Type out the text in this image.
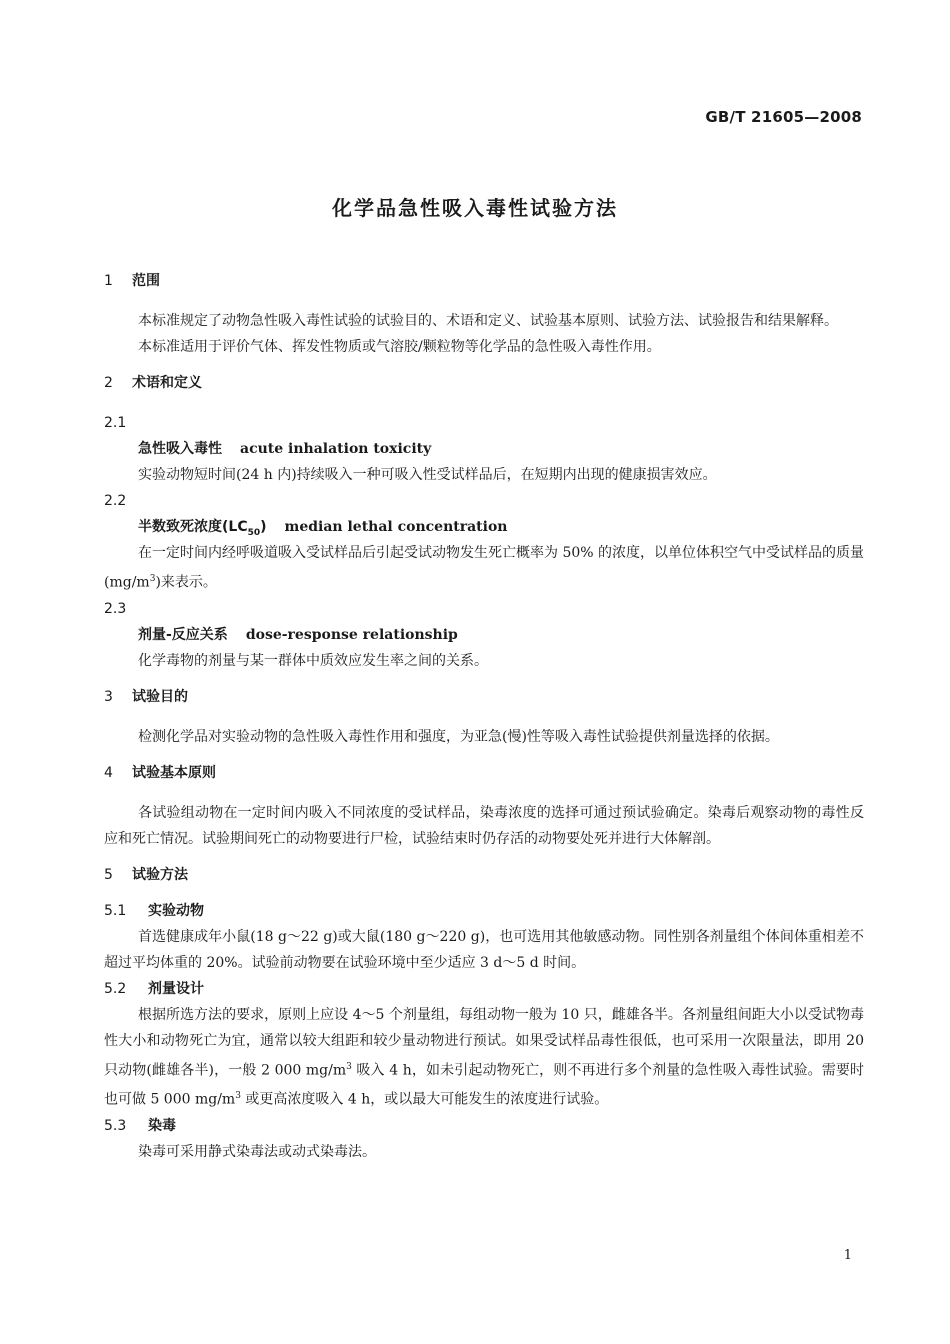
GB/T 21605—2008
化学品急性吸入毒性试验方法
1 范围

本标准规定了动物急性吸入毒性试验的试验目的、术语和定义、试验基本原则、试验方法、试验报告和结果解释。

本标准适用于评价气体、挥发性物质或气溶胶/颗粒物等化学品的急性吸入毒性作用。

2 术语和定义
2.1
急性吸入毒性 acute inhalation toxicity

实验动物短时间(24 h 内)持续吸入一种可吸入性受试样品后，在短期内出现的健康损害效应。

2.2
半数致死浓度$(LC_{50})$ median lethal concentration

在一定时间内经呼吸道吸入受试样品后引起受试动物发生死亡概率为 50% 的浓度，以单位体积空气中受试样品的质量$(mg/m^3)$来表示。

2.3
剂量-反应关系 dose-response relationship

化学毒物的剂量与某一群体中质效应发生率之间的关系。

3 试验目的

检测化学品对实验动物的急性吸入毒性作用和强度，为亚急(慢)性等吸入毒性试验提供剂量选择的依据。

4 试验基本原则

各试验组动物在一定时间内吸入不同浓度的受试样品，染毒浓度的选择可通过预试验确定。染毒后观察动物的毒性反应和死亡情况。试验期间死亡的动物要进行尸检，试验结束时仍存活的动物要处死并进行大体解剖。

5 试验方法
5.1 实验动物

首选健康成年小鼠(18 g～22 g)或大鼠(180 g～220 g)，也可选用其他敏感动物。同性别各剂量组个体间体重相差不超过平均体重的 20%。试验前动物要在试验环境中至少适应 3 d～5 d 时间。

5.2 剂量设计

根据所选方法的要求，原则上应设 4～5 个剂量组，每组动物一般为 10 只，雌雄各半。各剂量组间距大小以受试物毒性大小和动物死亡为宜，通常以较大组距和较少量动物进行预试。如果受试样品毒性很低，也可采用一次限量法，即用 20 只动物(雌雄各半)，一般 2 000 $mg/m^3$ 吸入 4 h，如未引起动物死亡，则不再进行多个剂量的急性吸入毒性试验。需要时也可做 5 000 $mg/m^3$ 或更高浓度吸入 4 h，或以最大可能发生的浓度进行试验。

5.3 染毒

染毒可采用静式染毒法或动式染毒法。

1
